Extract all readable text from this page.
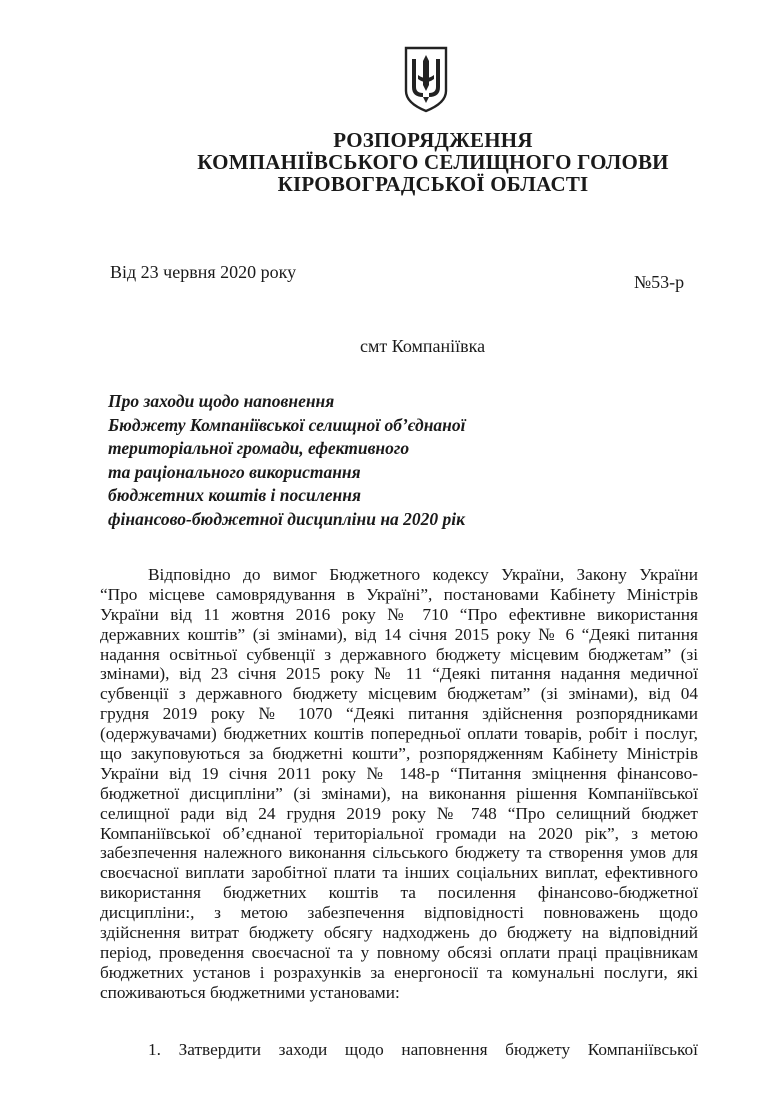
РОЗПОРЯДЖЕННЯ
КОМПАНІЇВСЬКОГО СЕЛИЩНОГО ГОЛОВИ
КІРОВОГРАДСЬКОЇ ОБЛАСТІ
Від 23 червня 2020 року	№53-р
смт Компаніївка
Про заходи щодо наповнення
Бюджету Компаніївської селищної об’єднаної
територіальної громади, ефективного
та раціонального використання
бюджетних коштів і посилення
фінансово-бюджетної дисципліни на 2020 рік
Відповідно до вимог Бюджетного кодексу України, Закону України
“Про місцеве самоврядування в Україні”, постановами Кабінету Міністрів
України від 11 жовтня 2016 року № 710 “Про ефективне використання
державних коштів” (зі змінами), від 14 січня 2015 року № 6 “Деякі питання
надання освітньої субвенції з державного бюджету місцевим бюджетам” (зі
змінами), від 23 січня 2015 року № 11 “Деякі питання надання медичної
субвенції з державного бюджету місцевим бюджетам” (зі змінами), від 04
грудня 2019 року № 1070 “Деякі питання здійснення розпорядниками
(одержувачами) бюджетних коштів попередньої оплати товарів, робіт і послуг,
що закуповуються за бюджетні кошти”, розпорядженням Кабінету Міністрів
України від 19 січня 2011 року № 148-р “Питання зміцнення фінансово-
бюджетної дисципліни” (зі змінами), на виконання рішення Компаніївської
селищної ради від 24 грудня 2019 року № 748 “Про селищний бюджет
Компаніївської об’єднаної територіальної громади на 2020 рік”, з метою
забезпечення належного виконання сільського бюджету та створення умов для
своєчасної виплати заробітної плати та інших соціальних виплат, ефективного
використання бюджетних коштів та посилення фінансово-бюджетної
дисципліни:, з метою забезпечення відповідності повноважень щодо
здійснення витрат бюджету обсягу надходжень до бюджету на відповідний
період, проведення своєчасної та у повному обсязі оплати праці працівникам
бюджетних установ і розрахунків за енергоносії та комунальні послуги, які
споживаються бюджетними установами:
1. Затвердити заходи щодо наповнення бюджету Компаніївської
